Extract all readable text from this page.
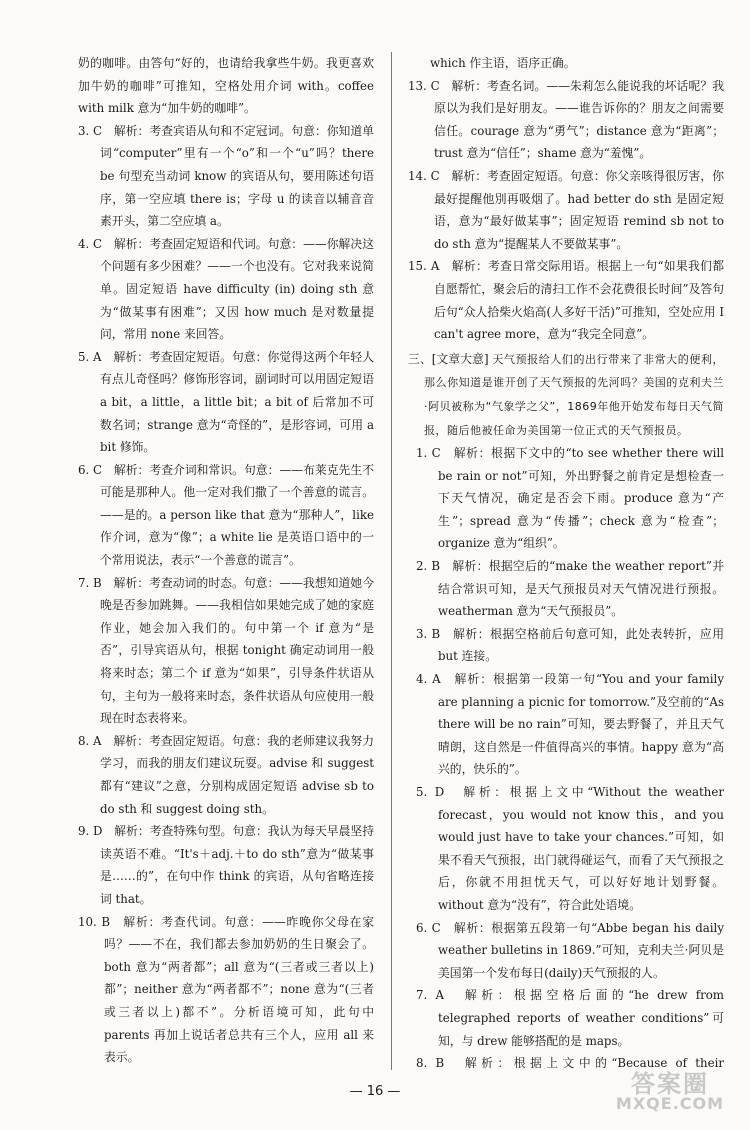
奶的咖啡。由答句“好的，也请给我拿些牛奶。我更喜欢加牛奶的咖啡”可推知，空格处用介词 with。coffee with milk 意为“加牛奶的咖啡”。

3. C　解析：考查宾语从句和不定冠词。句意：你知道单词“computer”里有一个“o”和一个“u”吗？there be 句型充当动词 know 的宾语从句，要用陈述句语序，第一空应填 there is；字母 u 的读音以辅音音素开头，第二空应填 a。

4. C　解析：考查固定短语和代词。句意：——你解决这个问题有多少困难？——一个也没有。它对我来说简单。固定短语 have difficulty (in) doing sth 意为“做某事有困难”；又因 how much 是对数量提问，常用 none 来回答。

5. A　解析：考查固定短语。句意：你觉得这两个年轻人有点儿奇怪吗？修饰形容词，副词时可以用固定短语 a bit，a little，a little bit；a bit of 后常加不可数名词；strange 意为“奇怪的”，是形容词，可用 a bit 修饰。

6. C　解析：考查介词和常识。句意：——布莱克先生不可能是那种人。他一定对我们撒了一个善意的谎言。——是的。a person like that 意为“那种人”，like 作介词，意为“像”；a white lie 是英语口语中的一个常用说法，表示“一个善意的谎言”。

7. B　解析：考查动词的时态。句意：——我想知道她今晚是否参加跳舞。——我相信如果她完成了她的家庭作业，她会加入我们的。句中第一个 if 意为“是否”，引导宾语从句，根据 tonight 确定动词用一般将来时态；第二个 if 意为“如果”，引导条件状语从句，主句为一般将来时态，条件状语从句应使用一般现在时态表将来。

8. A　解析：考查固定短语。句意：我的老师建议我努力学习，而我的朋友们建议玩耍。advise 和 suggest 都有“建议”之意，分别构成固定短语 advise sb to do sth 和 suggest doing sth。

9. D　解析：考查特殊句型。句意：我认为每天早晨坚持读英语不难。“It's＋adj.＋to do sth”意为“做某事是……的”，在句中作 think 的宾语，从句省略连接词 that。

10. B　解析：考查代词。句意：——昨晚你父母在家吗？——不在，我们都去参加奶奶的生日聚会了。both 意为“两者都”；all 意为“(三者或三者以上)都”；neither 意为“两者都不”；none 意为“(三者或三者以上)都不”。分析语境可知，此句中 parents 再加上说话者总共有三个人，应用 all 来表示。

which 作主语，语序正确。

13. C　解析：考查名词。——朱莉怎么能说我的坏话呢？我原以为我们是好朋友。——谁告诉你的？朋友之间需要信任。courage 意为“勇气”；distance 意为“距离”；trust 意为“信任”；shame 意为“羞愧”。

14. C　解析：考查固定短语。句意：你父亲咳得很厉害，你最好提醒他別再吸烟了。had better do sth 是固定短语，意为“最好做某事”；固定短语 remind sb not to do sth 意为“提醒某人不要做某事”。

15. A　解析：考查日常交际用语。根据上一句“如果我们都自愿帮忙，聚会后的清扫工作不会花费很长时间”及答句后句“众人拾柴火焰高(人多好干活)”可推知，空处应用 I can't agree more，意为“我完全同意”。

三、[文章大意] 天气预报给人们的出行带来了非常大的便利，那么你知道是谁开创了天气预报的先河吗？美国的克利夫兰·阿贝被称为“气象学之父”，1869年他开始发布每日天气简报，随后他被任命为美国第一位正式的天气预报员。

1. C　解析：根据下文中的“to see whether there will be rain or not”可知，外出野餐之前肯定是想检查一下天气情况，确定是否会下雨。produce 意为“产生”；spread 意为“传播”；check 意为“检查”；organize 意为“组织”。

2. B　解析：根据空后的“make the weather report”并结合常识可知，是天气预报员对天气情况进行预报。weatherman 意为“天气预报员”。

3. B　解析：根据空格前后句意可知，此处表转折，应用 but 连接。

4. A　解析：根据第一段第一句“You and your family are planning a picnic for tomorrow.”及空前的“As there will be no rain”可知，要去野餐了，并且天气晴朗，这自然是一件值得高兴的事情。happy 意为“高兴的，快乐的”。

5. D　解析：根据上文中“Without the weather forecast，you would not know this，and you would just have to take your chances.”可知，如果不看天气预报，出门就得碰运气，而看了天气预报之后，你就不用担忧天气，可以好好地计划野餐。without 意为“没有”，符合此处语境。

6. C　解析：根据第五段第一句“Abbe began his daily weather bulletins in 1869.”可知，克利夫兰·阿贝是美国第一个发布每日(daily)天气预报的人。

7. A　解析：根据空格后面的“he drew from telegraphed reports of weather conditions”可知，与 drew 能够搭配的是 maps。

8. B　解析：根据上文中的“Because of their

— 16 —	答案圈
MXQE.COM
